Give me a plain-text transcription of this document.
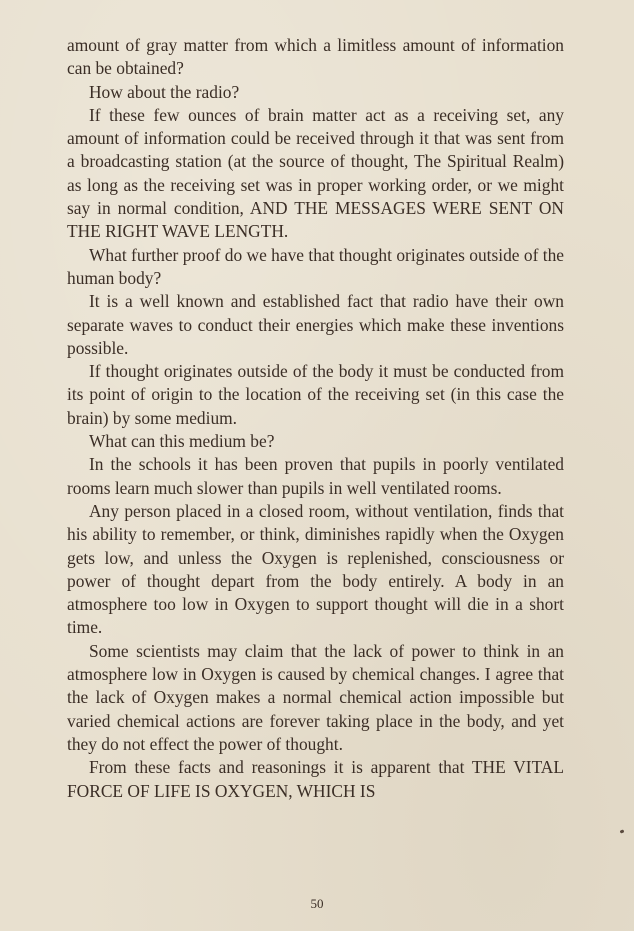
amount of gray matter from which a limitless amount of information can be obtained?

How about the radio?

If these few ounces of brain matter act as a receiving set, any amount of information could be received through it that was sent from a broadcasting station (at the source of thought, The Spiritual Realm) as long as the receiving set was in proper working order, or we might say in normal condition, AND THE MESSAGES WERE SENT ON THE RIGHT WAVE LENGTH.

What further proof do we have that thought originates outside of the human body?

It is a well known and established fact that radio have their own separate waves to conduct their energies which make these inventions possible.

If thought originates outside of the body it must be conducted from its point of origin to the location of the receiving set (in this case the brain) by some medium.

What can this medium be?

In the schools it has been proven that pupils in poorly ventilated rooms learn much slower than pupils in well ventilated rooms.

Any person placed in a closed room, without ventilation, finds that his ability to remember, or think, diminishes rapidly when the Oxygen gets low, and unless the Oxygen is replenished, consciousness or power of thought depart from the body entirely. A body in an atmosphere too low in Oxygen to support thought will die in a short time.

Some scientists may claim that the lack of power to think in an atmosphere low in Oxygen is caused by chemical changes. I agree that the lack of Oxygen makes a normal chemical action impossible but varied chemical actions are forever taking place in the body, and yet they do not effect the power of thought.

From these facts and reasonings it is apparent that THE VITAL FORCE OF LIFE IS OXYGEN, WHICH IS

50
